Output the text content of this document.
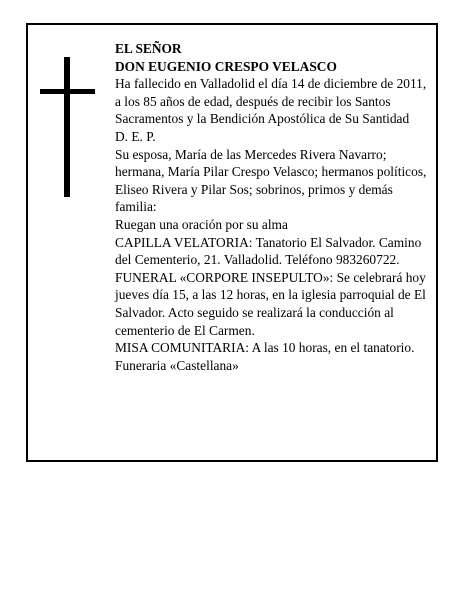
EL SEÑOR

DON EUGENIO CRESPO VELASCO

Ha fallecido en Valladolid el día 14 de diciembre de 2011, a los 85 años de edad, después de recibir los Santos Sacramentos y la Bendición Apostólica de Su Santidad

D. E. P.

Su esposa, María de las Mercedes Rivera Navarro; hermana, María Pilar Crespo Velasco; hermanos políticos, Eliseo Rivera y Pilar Sos; sobrinos, primos y demás familia:

Ruegan una oración por su alma

CAPILLA VELATORIA: Tanatorio El Salvador. Camino del Cementerio, 21. Valladolid. Teléfono 983260722.

FUNERAL «CORPORE INSEPULTO»: Se celebrará hoy jueves día 15, a las 12 horas, en la iglesia parroquial de El Salvador. Acto seguido se realizará la conducción al cementerio de El Carmen.

MISA COMUNITARIA: A las 10 horas, en el tanatorio.

Funeraria «Castellana»
